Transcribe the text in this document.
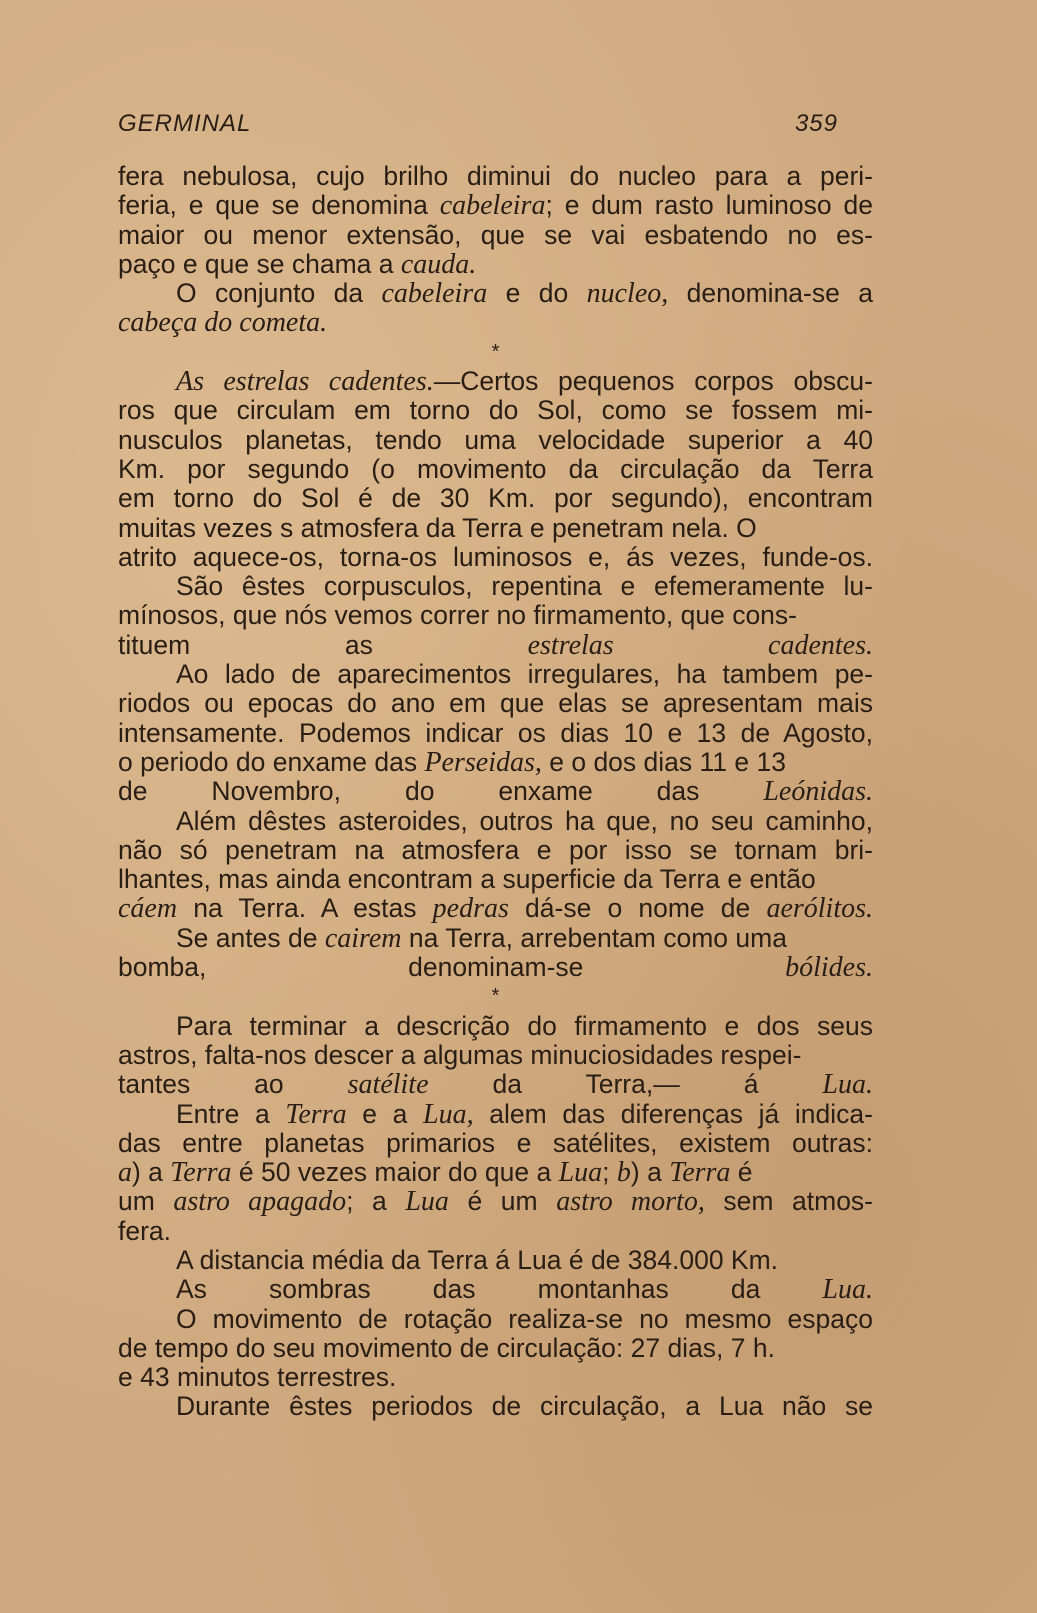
GERMINAL	359
fera nebulosa, cujo brilho diminui do nucleo para a peri-
feria, e que se denomina cabeleira; e dum rasto luminoso de
maior ou menor extensão, que se vai esbatendo no es-
paço e que se chama a cauda.
O conjunto da cabeleira e do nucleo, denomina-se a
cabeça do cometa.
*
As estrelas cadentes.—Certos pequenos corpos obscu-
ros que circulam em torno do Sol, como se fossem mi-
nusculos planetas, tendo uma velocidade superior a 40
Km. por segundo (o movimento da circulação da Terra
em torno do Sol é de 30 Km. por segundo), encontram
muitas vezes s atmosfera da Terra e penetram nela. O
atrito aquece-os, torna-os luminosos e, ás vezes, funde-os.
São êstes corpusculos, repentina e efemeramente lu-
mínosos, que nós vemos correr no firmamento, que cons-
tituem as estrelas cadentes.
Ao lado de aparecimentos irregulares, ha tambem pe-
riodos ou epocas do ano em que elas se apresentam mais
intensamente. Podemos indicar os dias 10 e 13 de Agosto,
o periodo do enxame das Perseidas, e o dos dias 11 e 13
de Novembro, do enxame das Leónidas.
Além dêstes asteroides, outros ha que, no seu caminho,
não só penetram na atmosfera e por isso se tornam bri-
lhantes, mas ainda encontram a superficie da Terra e então
cáem na Terra. A estas pedras dá-se o nome de aerólitos.
Se antes de cairem na Terra, arrebentam como uma
bomba, denominam-se bólides.
*
Para terminar a descrição do firmamento e dos seus
astros, falta-nos descer a algumas minuciosidades respei-
tantes ao satélite da Terra,— á Lua.
Entre a Terra e a Lua, alem das diferenças já indica-
das entre planetas primarios e satélites, existem outras:
a) a Terra é 50 vezes maior do que a Lua; b) a Terra é
um astro apagado; a Lua é um astro morto, sem atmos-
fera.
A distancia média da Terra á Lua é de 384.000 Km.
As sombras das montanhas da Lua.
O movimento de rotação realiza-se no mesmo espaço
de tempo do seu movimento de circulação: 27 dias, 7 h.
e 43 minutos terrestres.
Durante êstes periodos de circulação, a Lua não se
